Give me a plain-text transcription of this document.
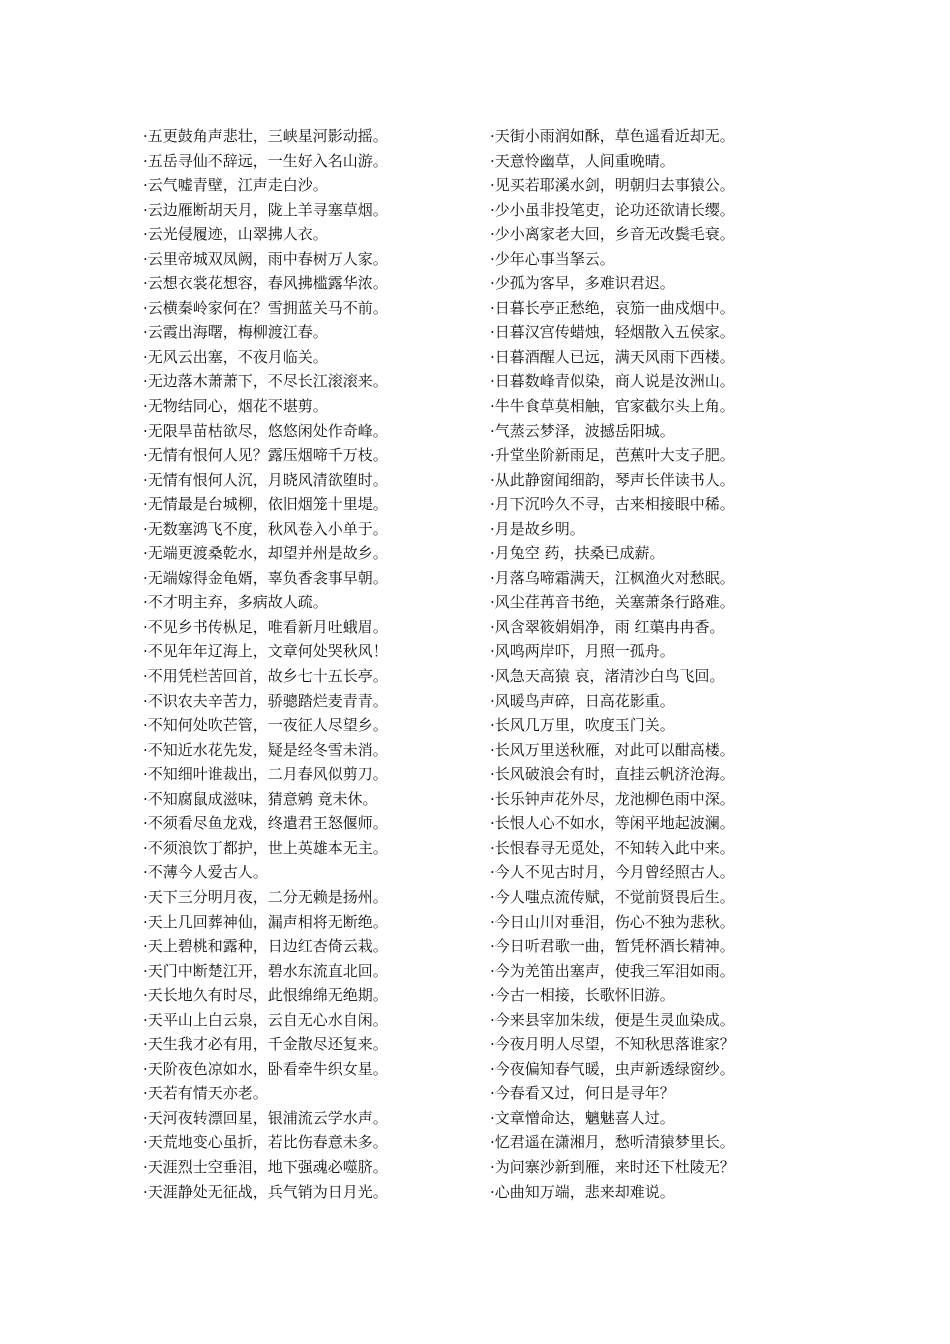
·五更鼓角声悲壮，三峡星河影动摇。
·五岳寻仙不辞远，一生好入名山游。
·云气嘘青壁，江声走白沙。
·云边雁断胡天月，陇上羊寻塞草烟。
·云光侵履迹，山翠拂人衣。
·云里帝城双凤阙，雨中春树万人家。
·云想衣裳花想容，春风拂槛露华浓。
·云横秦岭家何在？雪拥蓝关马不前。
·云霞出海曙，梅柳渡江春。
·无风云出塞，不夜月临关。
·无边落木萧萧下，不尽长江滚滚来。
·无物结同心，烟花不堪剪。
·无限旱苗枯欲尽，悠悠闲处作奇峰。
·无情有恨何人见？露压烟啼千万枝。
·无情有恨何人沉，月晓风清欲堕时。
·无情最是台城柳，依旧烟笼十里堤。
·无数塞鸿飞不度，秋风卷入小单于。
·无端更渡桑乾水，却望并州是故乡。
·无端嫁得金龟婿，辜负香衾事早朝。
·不才明主弃，多病故人疏。
·不见乡书传枞足，唯看新月吐蛾眉。
·不见年年辽海上，文章何处哭秋风！
·不用凭栏苦回首，故乡七十五长亭。
·不识农夫辛苦力，骄骢踏烂麦青青。
·不知何处吹芒管，一夜征人尽望乡。
·不知近水花先发，疑是经冬雪未消。
·不知细叶谁裁出，二月春风似剪刀。
·不知腐鼠成滋味，猜意鹓 竟未休。
·不须看尽鱼龙戏，终遣君王怒偃师。
·不须浪饮丁都护，世上英雄本无主。
·不薄今人爱古人。
·天下三分明月夜，二分无赖是扬州。
·天上几回葬神仙，漏声相将无断绝。
·天上碧桃和露种，日边红杏倚云栽。
·天门中断楚江开，碧水东流直北回。
·天长地久有时尽，此恨绵绵无绝期。
·天平山上白云泉，云自无心水自闲。
·天生我才必有用，千金散尽还复来。
·天阶夜色凉如水，卧看牵牛织女星。
·天若有情天亦老。
·天河夜转漂回星，银浦流云学水声。
·天荒地变心虽折，若比伤春意未多。
·天涯烈士空垂泪，地下强魂必噬脐。
·天涯静处无征战，兵气销为日月光。
·天街小雨润如酥，草色遥看近却无。
·天意怜幽草，人间重晚晴。
·见买若耶溪水剑，明朝归去事猿公。
·少小虽非投笔吏，论功还欲请长缨。
·少小离家老大回，乡音无改鬓毛衰。
·少年心事当拏云。
·少孤为客早，多难识君迟。
·日暮长亭正愁绝，哀笳一曲戍烟中。
·日暮汉宫传蜡烛，轻烟散入五侯家。
·日暮酒醒人已远，满天风雨下西楼。
·日暮数峰青似染，商人说是汝洲山。
·牛牛食草莫相触，官家截尔头上角。
·气蒸云梦泽，波撼岳阳城。
·升堂坐阶新雨足，芭蕉叶大支子肥。
·从此静窗闻细韵，琴声长伴读书人。
·月下沉吟久不寻，古来相接眼中稀。
·月是故乡明。
·月兔空 药，扶桑已成薪。
·月落乌啼霜满天，江枫渔火对愁眠。
·风尘荏苒音书绝，关塞萧条行路难。
·风含翠筱娟娟净，雨 红蕖冉冉香。
·风鸣两岸吓，月照一孤舟。
·风急天高猿 哀，渚清沙白鸟飞回。
·风暖鸟声碎，日高花影重。
·长风几万里，吹度玉门关。
·长风万里送秋雁，对此可以酣高楼。
·长风破浪会有时，直挂云帆济沧海。
·长乐钟声花外尽，龙池柳色雨中深。
·长恨人心不如水，等闲平地起波澜。
·长恨春寻无觅处，不知转入此中来。
·今人不见古时月，今月曾经照古人。
·今人嗤点流传赋，不觉前贤畏后生。
·今日山川对垂泪，伤心不独为悲秋。
·今日听君歌一曲，暂凭杯酒长精神。
·今为羌笛出塞声，使我三军泪如雨。
·今古一相接，长歌怀旧游。
·今来县宰加朱绂，便是生灵血染成。
·今夜月明人尽望，不知秋思落谁家？
·今夜偏知春气暖，虫声新透绿窗纱。
·今春看又过，何日是寻年？
·文章憎命达，魑魅喜人过。
·忆君遥在潇湘月，愁听清猿梦里长。
·为问寨沙新到雁，来时还下杜陵无？
·心曲知万端，悲来却难说。
